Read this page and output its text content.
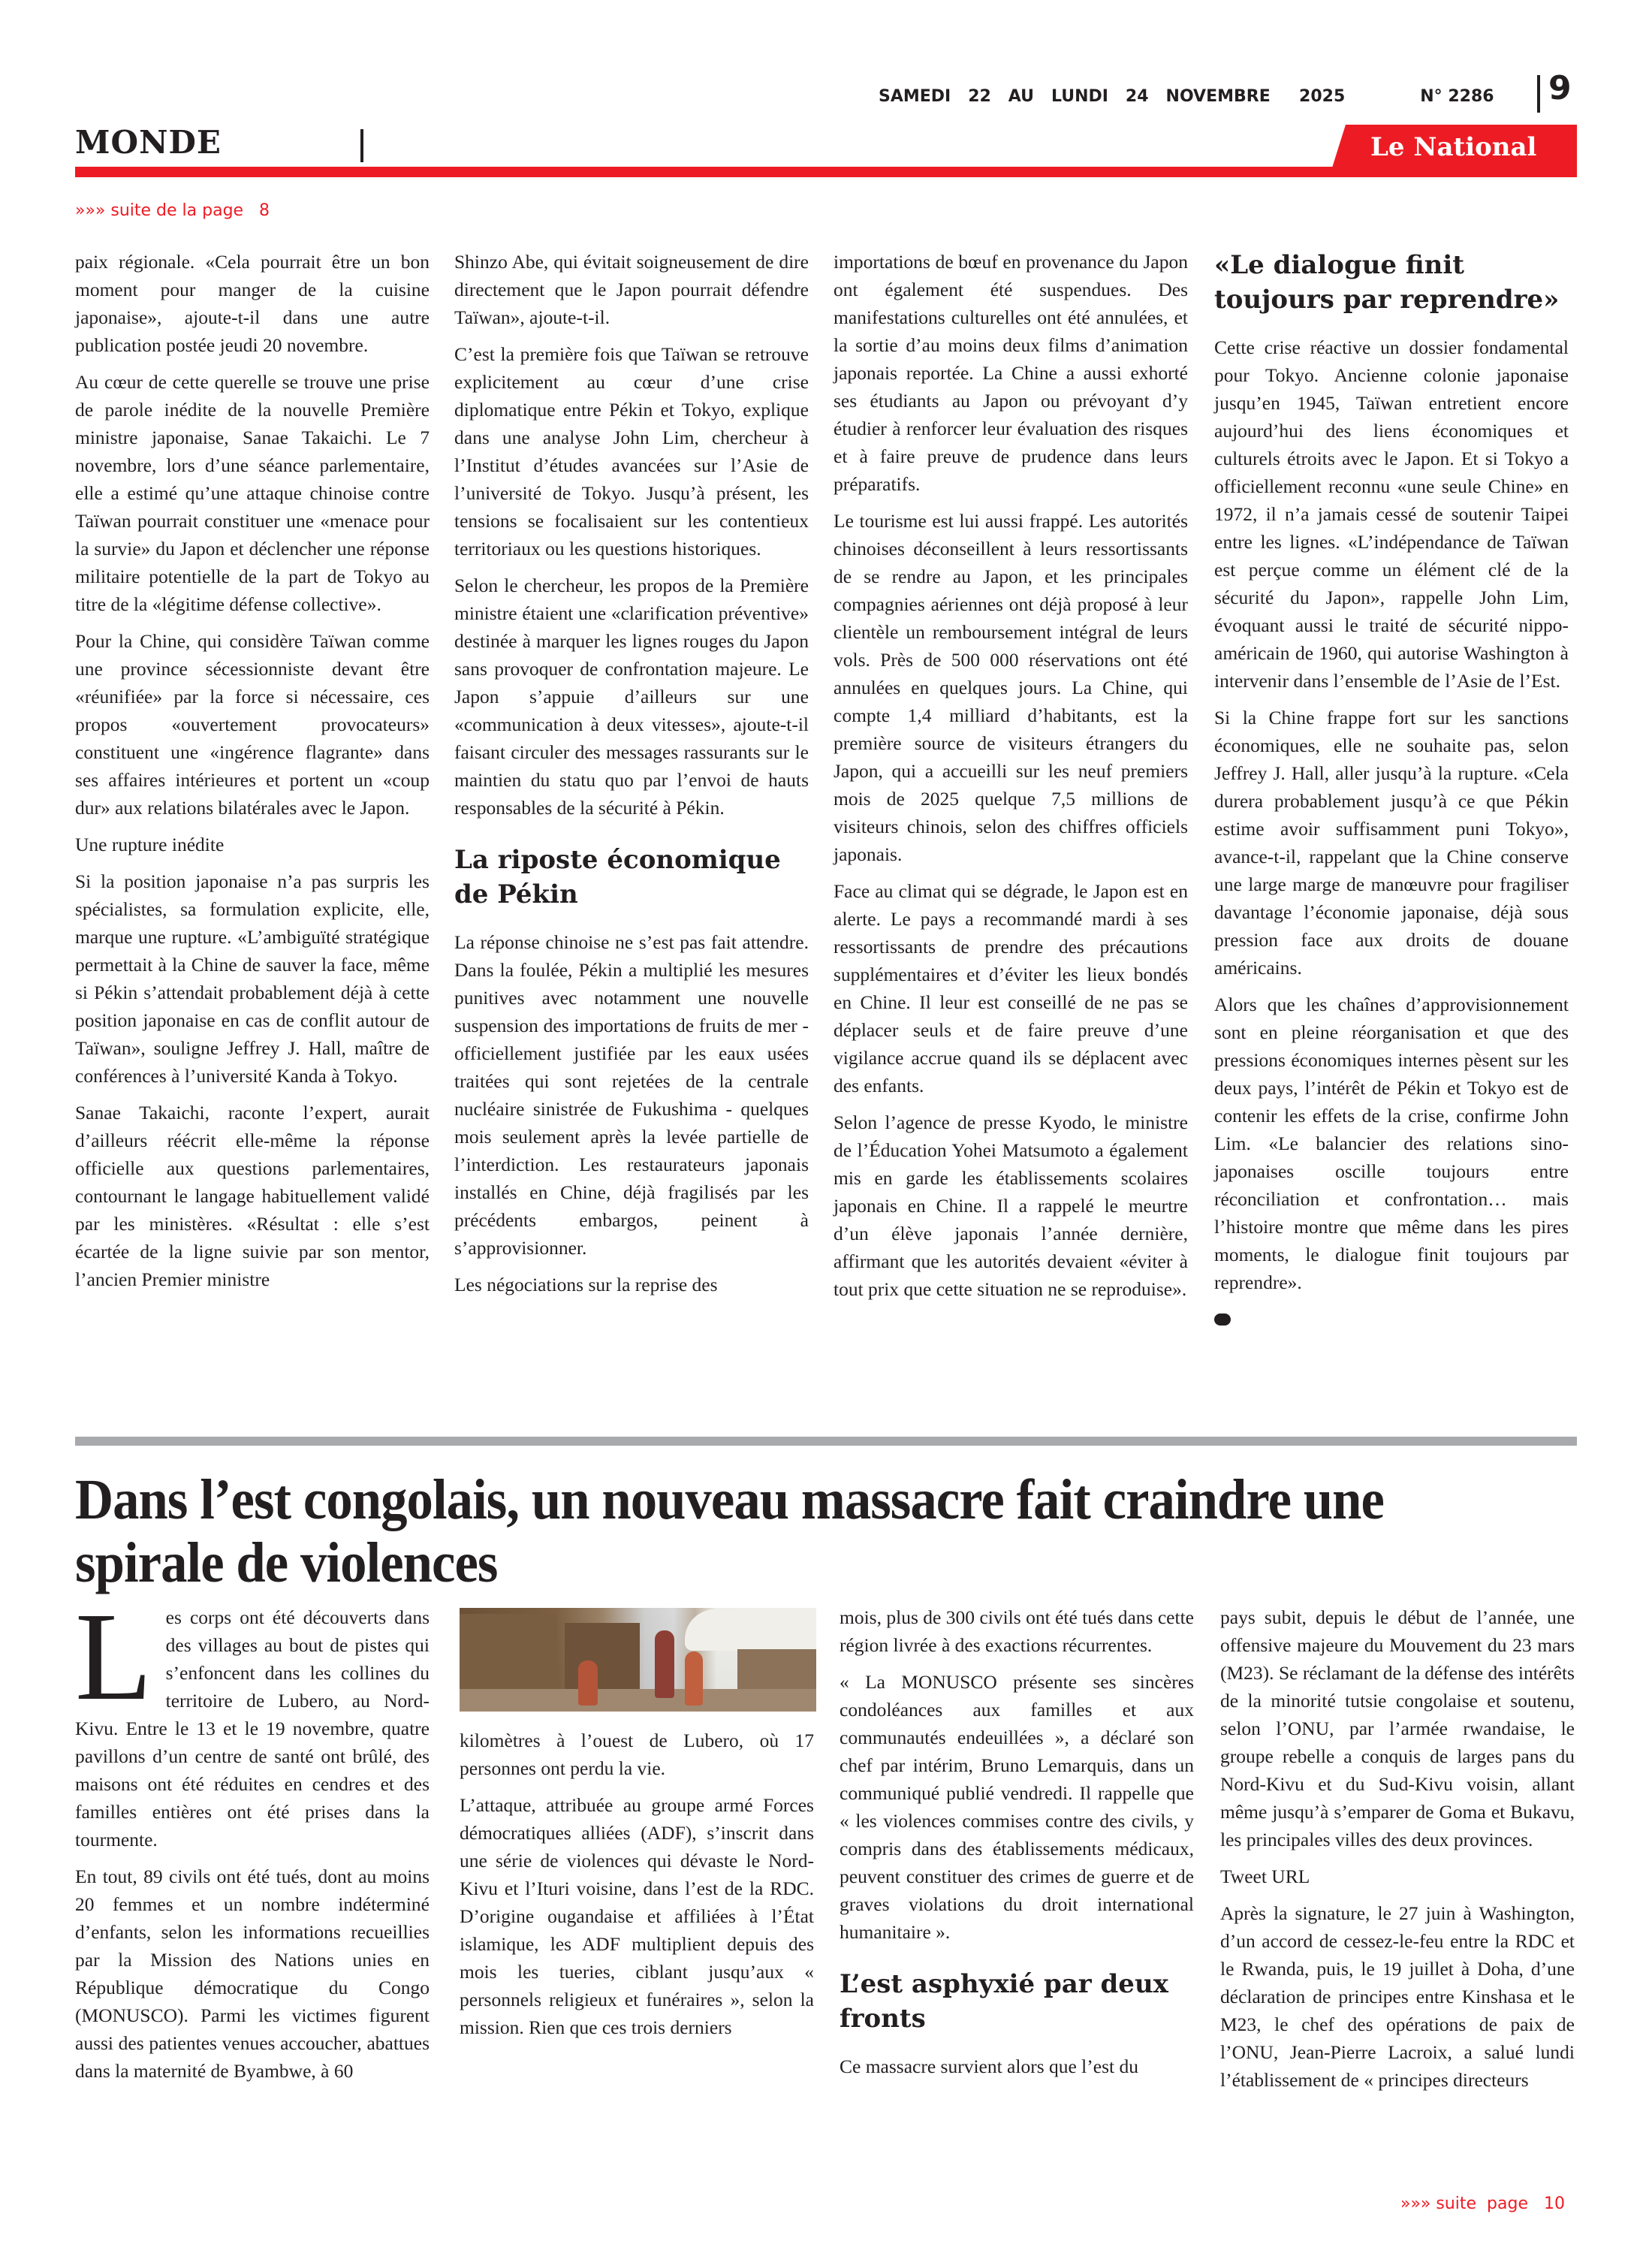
SAMEDI   22   AU   LUNDI   24   NOVEMBRE     2025	N° 2286 9
MONDE	Le National
»»» suite de la page   8

paix régionale. «Cela pourrait être un bon moment pour manger de la cuisine japonaise», ajoute-t-il dans une autre publication postée jeudi 20 novembre.

Au cœur de cette querelle se trouve une prise de parole inédite de la nouvelle Première ministre japonaise, Sanae Takaichi. Le 7 novembre, lors d’une séance parlementaire, elle a estimé qu’une attaque chinoise contre Taïwan pourrait constituer une «menace pour la survie» du Japon et déclencher une réponse militaire potentielle de la part de Tokyo au titre de la «légitime défense collective».

Pour la Chine, qui considère Taïwan comme une province sécessionniste devant être «réunifiée» par la force si nécessaire, ces propos «ouvertement provocateurs» constituent une «ingérence flagrante» dans ses affaires intérieures et portent un «coup dur» aux relations bilatérales avec le Japon.

Une rupture inédite

Si la position japonaise n’a pas surpris les spécialistes, sa formulation explicite, elle, marque une rupture. «L’ambiguïté stratégique permettait à la Chine de sauver la face, même si Pékin s’attendait probablement déjà à cette position japonaise en cas de conflit autour de Taïwan», souligne Jeffrey J. Hall, maître de conférences à l’université Kanda à Tokyo.

Sanae Takaichi, raconte l’expert, aurait d’ailleurs réécrit elle-même la réponse officielle aux questions parlementaires, contournant le langage habituellement validé par les ministères. «Résultat : elle s’est écartée de la ligne suivie par son mentor, l’ancien Premier ministre

Shinzo Abe, qui évitait soigneusement de dire directement que le Japon pourrait défendre Taïwan», ajoute-t-il.

C’est la première fois que Taïwan se retrouve explicitement au cœur d’une crise diplomatique entre Pékin et Tokyo, explique dans une analyse John Lim, chercheur à l’Institut d’études avancées sur l’Asie de l’université de Tokyo. Jusqu’à présent, les tensions se focalisaient sur les contentieux territoriaux ou les questions historiques.

Selon le chercheur, les propos de la Première ministre étaient une «clarification préventive» destinée à marquer les lignes rouges du Japon sans provoquer de confrontation majeure. Le Japon s’appuie d’ailleurs sur une «communication à deux vitesses», ajoute-t-il faisant circuler des messages rassurants sur le maintien du statu quo par l’envoi de hauts responsables de la sécurité à Pékin.

La riposte économique de Pékin

La réponse chinoise ne s’est pas fait attendre. Dans la foulée, Pékin a multiplié les mesures punitives avec notamment une nouvelle suspension des importations de fruits de mer - officiellement justifiée par les eaux usées traitées qui sont rejetées de la centrale nucléaire sinistrée de Fukushima - quelques mois seulement après la levée partielle de l’interdiction. Les restaurateurs japonais installés en Chine, déjà fragilisés par les précédents embargos, peinent à s’approvisionner.

Les négociations sur la reprise des

importations de bœuf en provenance du Japon ont également été suspendues. Des manifestations culturelles ont été annulées, et la sortie d’au moins deux films d’animation japonais reportée. La Chine a aussi exhorté ses étudiants au Japon ou prévoyant d’y étudier à renforcer leur évaluation des risques et à faire preuve de prudence dans leurs préparatifs.

Le tourisme est lui aussi frappé. Les autorités chinoises déconseillent à leurs ressortissants de se rendre au Japon, et les principales compagnies aériennes ont déjà proposé à leur clientèle un remboursement intégral de leurs vols. Près de 500 000 réservations ont été annulées en quelques jours. La Chine, qui compte 1,4 milliard d’habitants, est la première source de visiteurs étrangers du Japon, qui a accueilli sur les neuf premiers mois de 2025 quelque 7,5 millions de visiteurs chinois, selon des chiffres officiels japonais.

Face au climat qui se dégrade, le Japon est en alerte. Le pays a recommandé mardi à ses ressortissants de prendre des précautions supplémentaires et d’éviter les lieux bondés en Chine. Il leur est conseillé de ne pas se déplacer seuls et de faire preuve d’une vigilance accrue quand ils se déplacent avec des enfants.

Selon l’agence de presse Kyodo, le ministre de l’Éducation Yohei Matsumoto a également mis en garde les établissements scolaires japonais en Chine. Il a rappelé le meurtre d’un élève japonais l’année dernière, affirmant que les autorités devaient «éviter à tout prix que cette situation ne se reproduise».

«Le dialogue finit toujours par reprendre»

Cette crise réactive un dossier fondamental pour Tokyo. Ancienne colonie japonaise jusqu’en 1945, Taïwan entretient encore aujourd’hui des liens économiques et culturels étroits avec le Japon. Et si Tokyo a officiellement reconnu «une seule Chine» en 1972, il n’a jamais cessé de soutenir Taipei entre les lignes. «L’indépendance de Taïwan est perçue comme un élément clé de la sécurité du Japon», rappelle John Lim, évoquant aussi le traité de sécurité nippo-américain de 1960, qui autorise Washington à intervenir dans l’ensemble de l’Asie de l’Est.

Si la Chine frappe fort sur les sanctions économiques, elle ne souhaite pas, selon Jeffrey J. Hall, aller jusqu’à la rupture. «Cela durera probablement jusqu’à ce que Pékin estime avoir suffisamment puni Tokyo», avance-t-il, rappelant que la Chine conserve une large marge de manœuvre pour fragiliser davantage l’économie japonaise, déjà sous pression face aux droits de douane américains.

Alors que les chaînes d’approvisionnement sont en pleine réorganisation et que des pressions économiques internes pèsent sur les deux pays, l’intérêt de Pékin et Tokyo est de contenir les effets de la crise, confirme John Lim. «Le balancier des relations sino-japonaises oscille toujours entre réconciliation et confrontation… mais l’histoire montre que même dans les pires moments, le dialogue finit toujours par reprendre».

Dans l’est congolais, un nouveau massacre fait craindre une spirale de violences

Les corps ont été découverts dans des villages au bout de pistes qui s’enfoncent dans les collines du territoire de Lubero, au Nord-Kivu. Entre le 13 et le 19 novembre, quatre pavillons d’un centre de santé ont brûlé, des maisons ont été réduites en cendres et des familles entières ont été prises dans la tourmente.

En tout, 89 civils ont été tués, dont au moins 20 femmes et un nombre indéterminé d’enfants, selon les informations recueillies par la Mission des Nations unies en République démocratique du Congo (MONUSCO). Parmi les victimes figurent aussi des patientes venues accoucher, abattues dans la maternité de Byambwe, à 60

kilomètres à l’ouest de Lubero, où 17 personnes ont perdu la vie.

L’attaque, attribuée au groupe armé Forces démocratiques alliées (ADF), s’inscrit dans une série de violences qui dévaste le Nord-Kivu et l’Ituri voisine, dans l’est de la RDC. D’origine ougandaise et affiliées à l’État islamique, les ADF multiplient depuis des mois les tueries, ciblant jusqu’aux « personnels religieux et funéraires », selon la mission. Rien que ces trois derniers

mois, plus de 300 civils ont été tués dans cette région livrée à des exactions récurrentes.

« La MONUSCO présente ses sincères condoléances aux familles et aux communautés endeuillées », a déclaré son chef par intérim, Bruno Lemarquis, dans un communiqué publié vendredi. Il rappelle que « les violences commises contre des civils, y compris dans des établissements médicaux, peuvent constituer des crimes de guerre et de graves violations du droit international humanitaire ».

L’est asphyxié par deux fronts

Ce massacre survient alors que l’est du

pays subit, depuis le début de l’année, une offensive majeure du Mouvement du 23 mars (M23). Se réclamant de la défense des intérêts de la minorité tutsie congolaise et soutenu, selon l’ONU, par l’armée rwandaise, le groupe rebelle a conquis de larges pans du Nord-Kivu et du Sud-Kivu voisin, allant même jusqu’à s’emparer de Goma et Bukavu, les principales villes des deux provinces.

Tweet URL

Après la signature, le 27 juin à Washington, d’un accord de cessez-le-feu entre la RDC et le Rwanda, puis, le 19 juillet à Doha, d’une déclaration de principes entre Kinshasa et le M23, le chef des opérations de paix de l’ONU, Jean-Pierre Lacroix, a salué lundi l’établissement de « principes directeurs

»»» suite  page   10
